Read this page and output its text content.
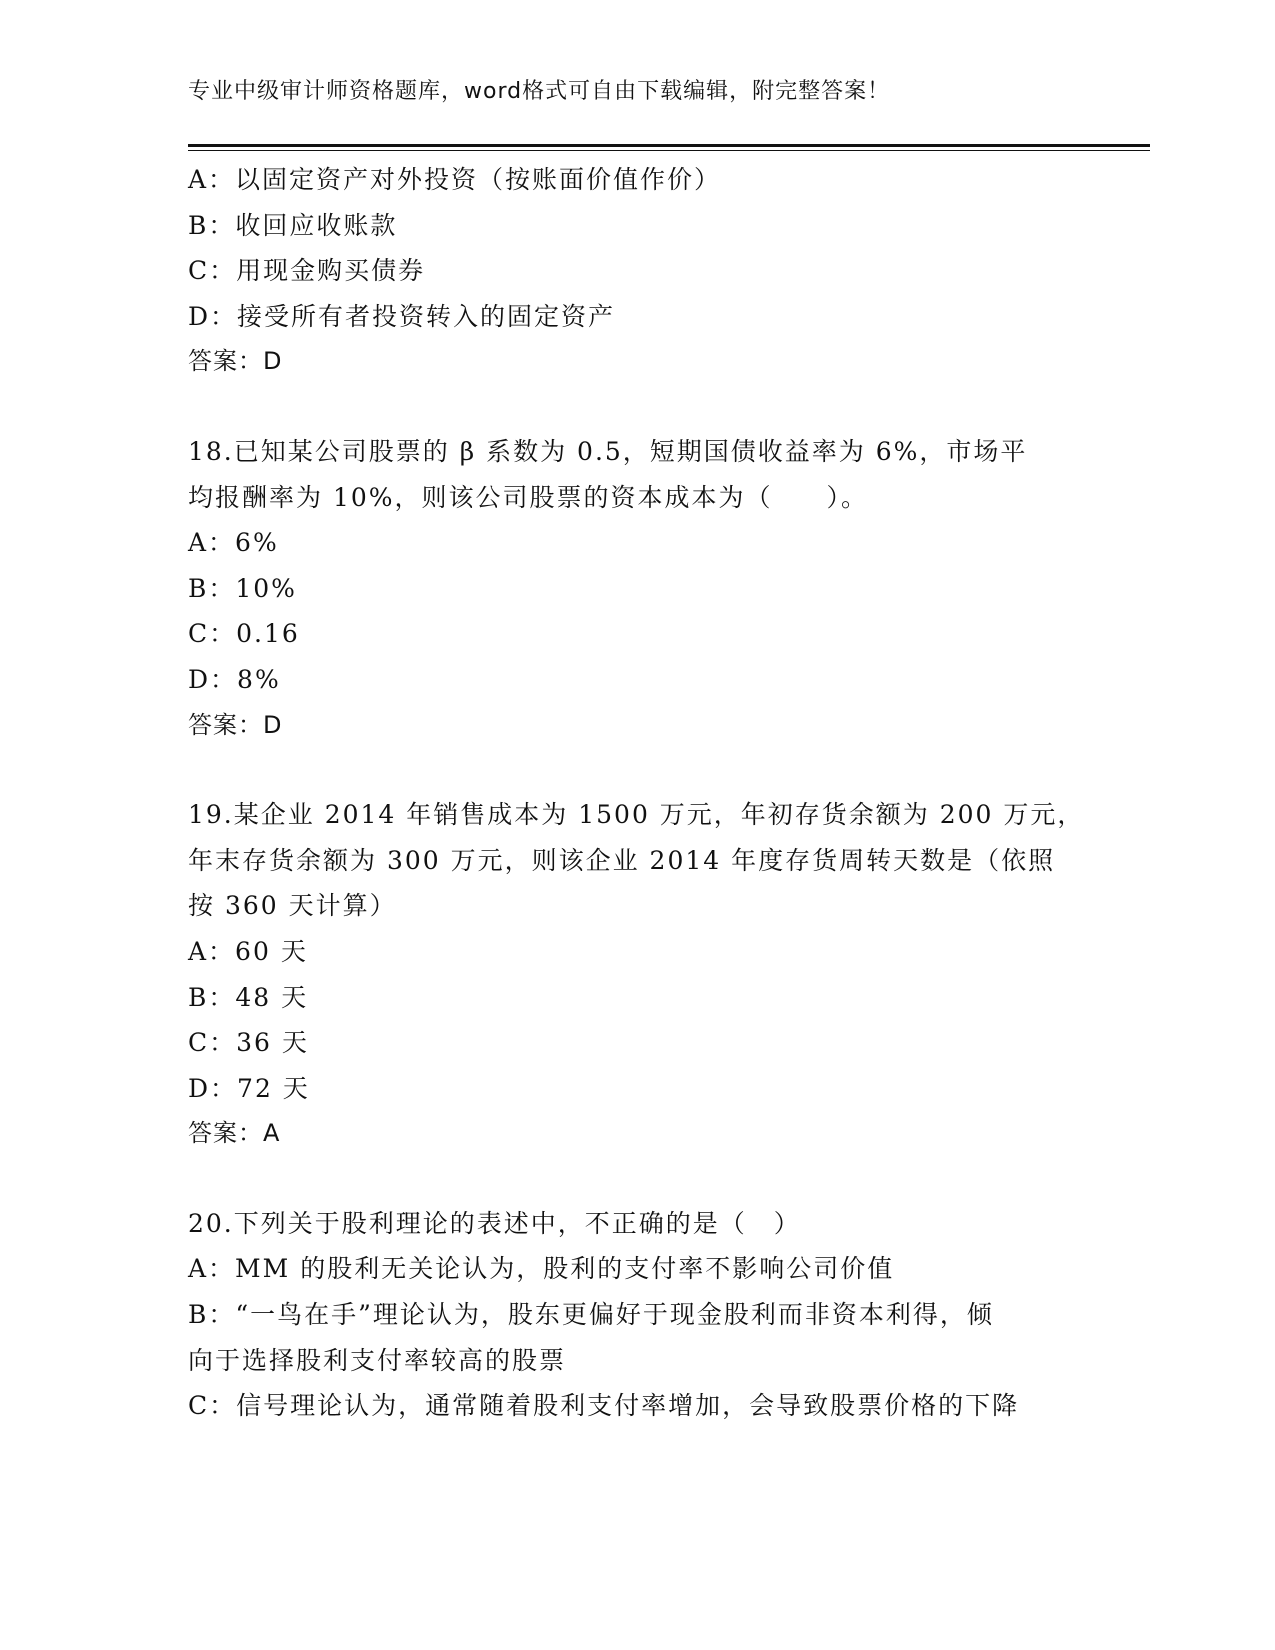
专业中级审计师资格题库，word格式可自由下载编辑，附完整答案！
A：以固定资产对外投资（按账面价值作价）
B：收回应收账款
C：用现金购买债券
D：接受所有者投资转入的固定资产
答案：D
18.已知某公司股票的 β 系数为 0.5，短期国债收益率为 6%，市场平
均报酬率为 10%，则该公司股票的资本成本为（　　）。
A：6%
B：10%
C：0.16
D：8%
答案：D
19.某企业 2014 年销售成本为 1500 万元，年初存货余额为 200 万元，
年末存货余额为 300 万元，则该企业 2014 年度存货周转天数是（依照
按 360 天计算）
A：60 天
B：48 天
C：36 天
D：72 天
答案：A
20.下列关于股利理论的表述中，不正确的是（　）
A：MM 的股利无关论认为，股利的支付率不影响公司价值
B：“一鸟在手”理论认为，股东更偏好于现金股利而非资本利得，倾
向于选择股利支付率较高的股票
C：信号理论认为，通常随着股利支付率增加，会导致股票价格的下降
